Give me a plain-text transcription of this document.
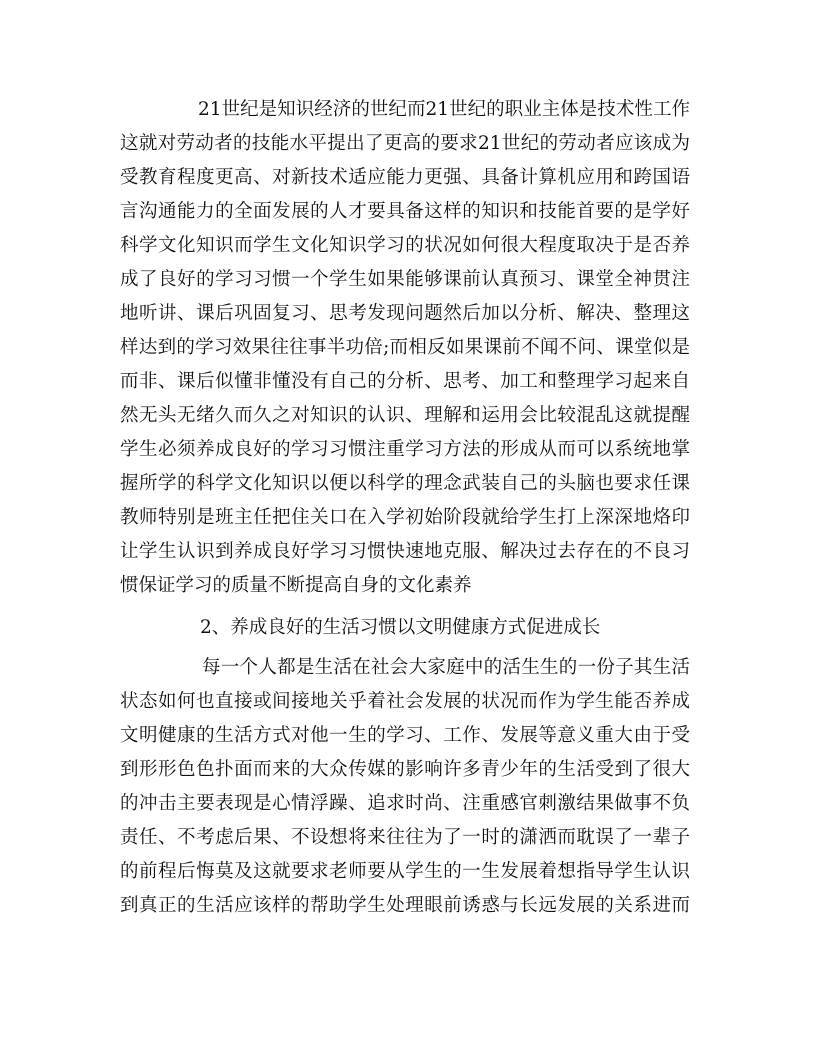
21世纪是知识经济的世纪而21世纪的职业主体是技术性工作
这就对劳动者的技能水平提出了更高的要求21世纪的劳动者应该成为
受教育程度更高、对新技术适应能力更强、具备计算机应用和跨国语
言沟通能力的全面发展的人才要具备这样的知识和技能首要的是学好
科学文化知识而学生文化知识学习的状况如何很大程度取决于是否养
成了良好的学习习惯一个学生如果能够课前认真预习、课堂全神贯注
地听讲、课后巩固复习、思考发现问题然后加以分析、解决、整理这
样达到的学习效果往往事半功倍;而相反如果课前不闻不问、课堂似是
而非、课后似懂非懂没有自己的分析、思考、加工和整理学习起来自
然无头无绪久而久之对知识的认识、理解和运用会比较混乱这就提醒
学生必须养成良好的学习习惯注重学习方法的形成从而可以系统地掌
握所学的科学文化知识以便以科学的理念武装自己的头脑也要求任课
教师特别是班主任把住关口在入学初始阶段就给学生打上深深地烙印
让学生认识到养成良好学习习惯快速地克服、解决过去存在的不良习
惯保证学习的质量不断提高自身的文化素养
2、养成良好的生活习惯以文明健康方式促进成长
每一个人都是生活在社会大家庭中的活生生的一份子其生活
状态如何也直接或间接地关乎着社会发展的状况而作为学生能否养成
文明健康的生活方式对他一生的学习、工作、发展等意义重大由于受
到形形色色扑面而来的大众传媒的影响许多青少年的生活受到了很大
的冲击主要表现是心情浮躁、追求时尚、注重感官刺激结果做事不负
责任、不考虑后果、不设想将来往往为了一时的潇洒而耽误了一辈子
的前程后悔莫及这就要求老师要从学生的一生发展着想指导学生认识
到真正的生活应该样的帮助学生处理眼前诱惑与长远发展的关系进而
